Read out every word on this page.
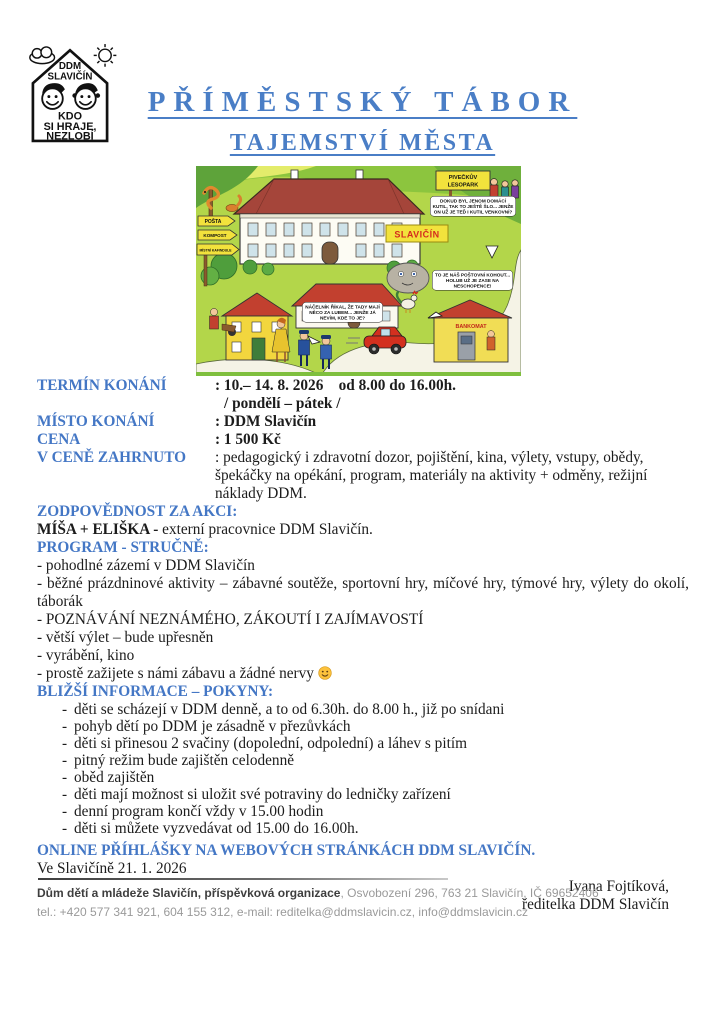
DDM
SLAVIČÍN
KDO
SI HRAJE,
NEZLOBÍ
PŘÍMĚSTSKÝ TÁBOR
TAJEMSTVÍ MĚSTA
PIVEČKŮV
LESOPARK
POŠTA
KOMPOST
MÍSTNÍ KAFINDULE
SLAVIČÍN
BANKOMAT
DOKUD BYL JENOM DOMÁCÍ KUTIL, TAK TO JEŠTĚ ŠLO... JENŽE ON UŽ JE TEĎ I KUTIL VENKOVNÍ?
NÁČELNÍK ŘÍKAL, ŽE TADY MAJÍ NĚCO ZA LUBEM... JENŽE JÁ NEVÍM, KDE TO JE?
TO JE NÁŠ POŠTOVNÍ KOHOUT... HOLUB UŽ JE ZASE NA NESCHOPENCE!
TERMÍN KONÁNÍ	: 10.– 14. 8. 2026    od 8.00 do 16.00h.
/ pondělí – pátek /
MÍSTO KONÁNÍ	: DDM Slavičín
CENA	: 1 500 Kč
V CENĚ ZAHRNUTO	: pedagogický i zdravotní dozor, pojištění, kina, výlety, vstupy, obědy, špekáčky na opékání, program, materiály na aktivity + odměny, režijní náklady DDM.
ZODPOVĚDNOST ZA AKCI:
MÍŠA + ELIŠKA - externí pracovnice DDM Slavičín.
PROGRAM - STRUČNĚ:
- pohodlné zázemí v DDM Slavičín
- běžné prázdninové aktivity – zábavné soutěže, sportovní hry, míčové hry, týmové hry, výlety do okolí, táborák
- POZNÁVÁNÍ NEZNÁMÉHO, ZÁKOUTÍ I ZAJÍMAVOSTÍ
- větší výlet – bude upřesněn
- vyrábění, kino
- prostě zažijete s námi zábavu a žádné nervy
BLIŽŠÍ INFORMACE – POKYNY:
- děti se scházejí v DDM denně, a to od 6.30h. do 8.00 h., již po snídani
- pohyb dětí po DDM je zásadně v přezůvkách
- děti si přinesou 2 svačiny (dopolední, odpolední) a láhev s pitím
- pitný režim bude zajištěn celodenně
- oběd zajištěn
- děti mají možnost si uložit své potraviny do ledničky zařízení
- denní program končí vždy v 15.00 hodin
- děti si můžete vyzvedávat od 15.00 do 16.00h.
ONLINE PŘÍHLÁŠKY NA WEBOVÝCH STRÁNKÁCH DDM SLAVIČÍN.
Ve Slavičíně 21. 1. 2026
Ivana Fojtíková,
ředitelka DDM Slavičín
Dům dětí a mládeže Slavičín, příspěvková organizace, Osvobození 296, 763 21 Slavičín, IČ 69652406
tel.: +420 577 341 921, 604 155 312, e-mail: reditelka@ddmslavicin.cz, info@ddmslavicin.cz
